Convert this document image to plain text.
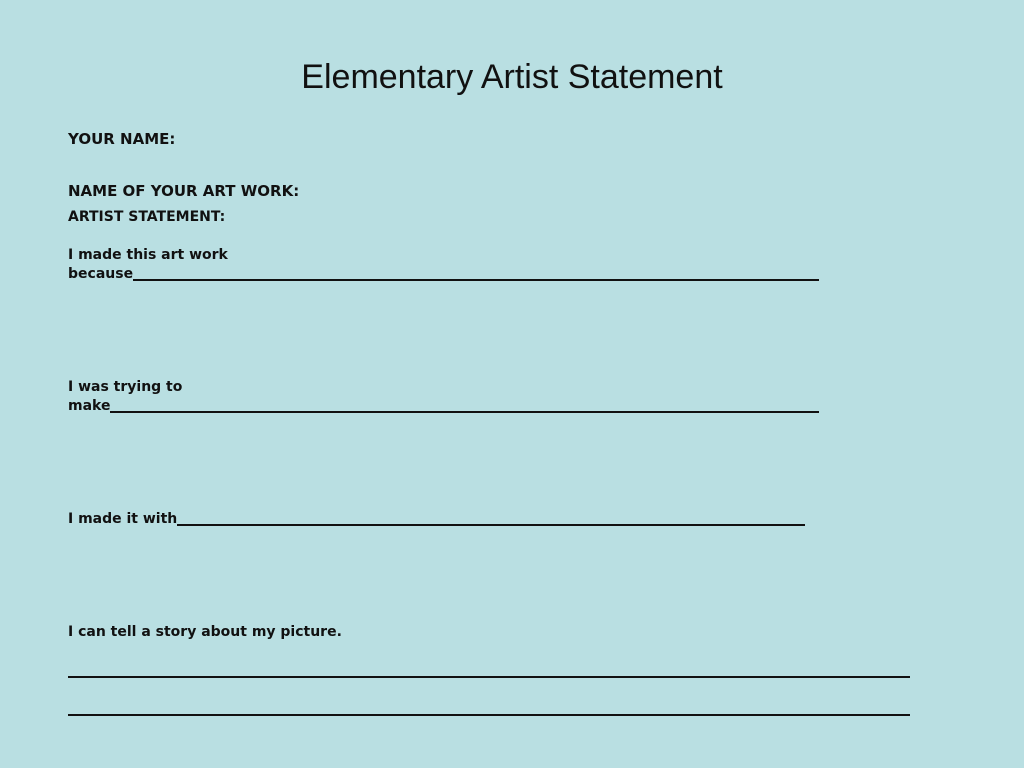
Elementary Artist Statement
YOUR NAME:
NAME OF YOUR ART WORK:
ARTIST STATEMENT:
I made this art work
because
I was trying to
make
I made it with
I can tell a story about my picture.
